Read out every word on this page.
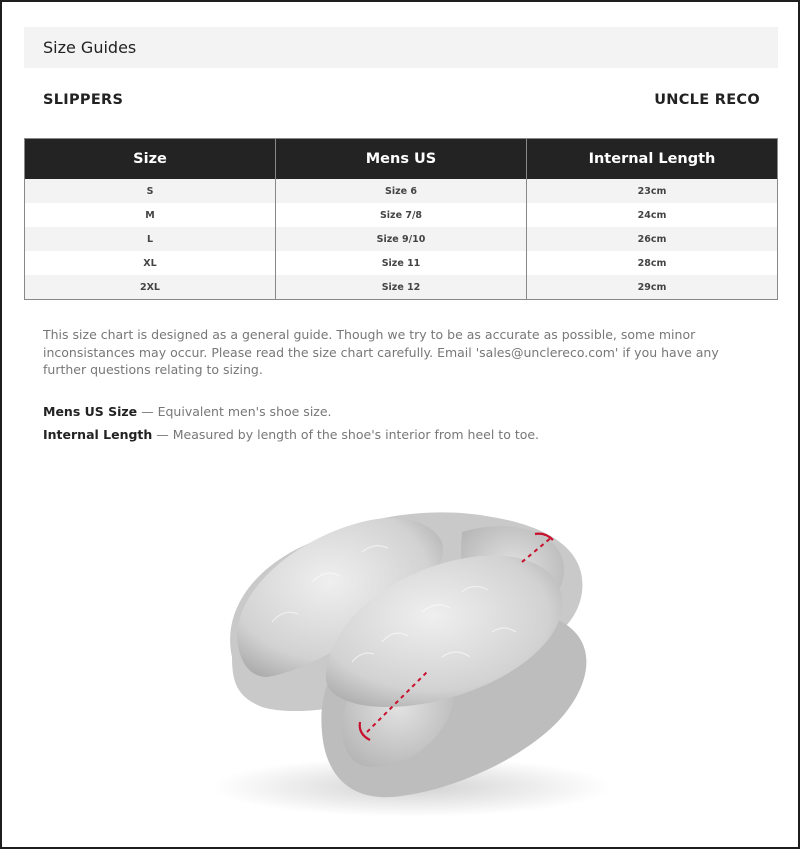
Size Guides
SLIPPERS	UNCLE RECO
Size	Mens US	Internal Length
S	Size 6	23cm
M	Size 7/8	24cm
L	Size 9/10	26cm
XL	Size 11	28cm
2XL	Size 12	29cm
This size chart is designed as a general guide. Though we try to be as accurate as possible, some minor inconsistances may occur. Please read the size chart carefully. Email 'sales@unclereco.com' if you have any further questions relating to sizing.
Mens US Size — Equivalent men's shoe size.
Internal Length — Measured by length of the shoe's interior from heel to toe.
